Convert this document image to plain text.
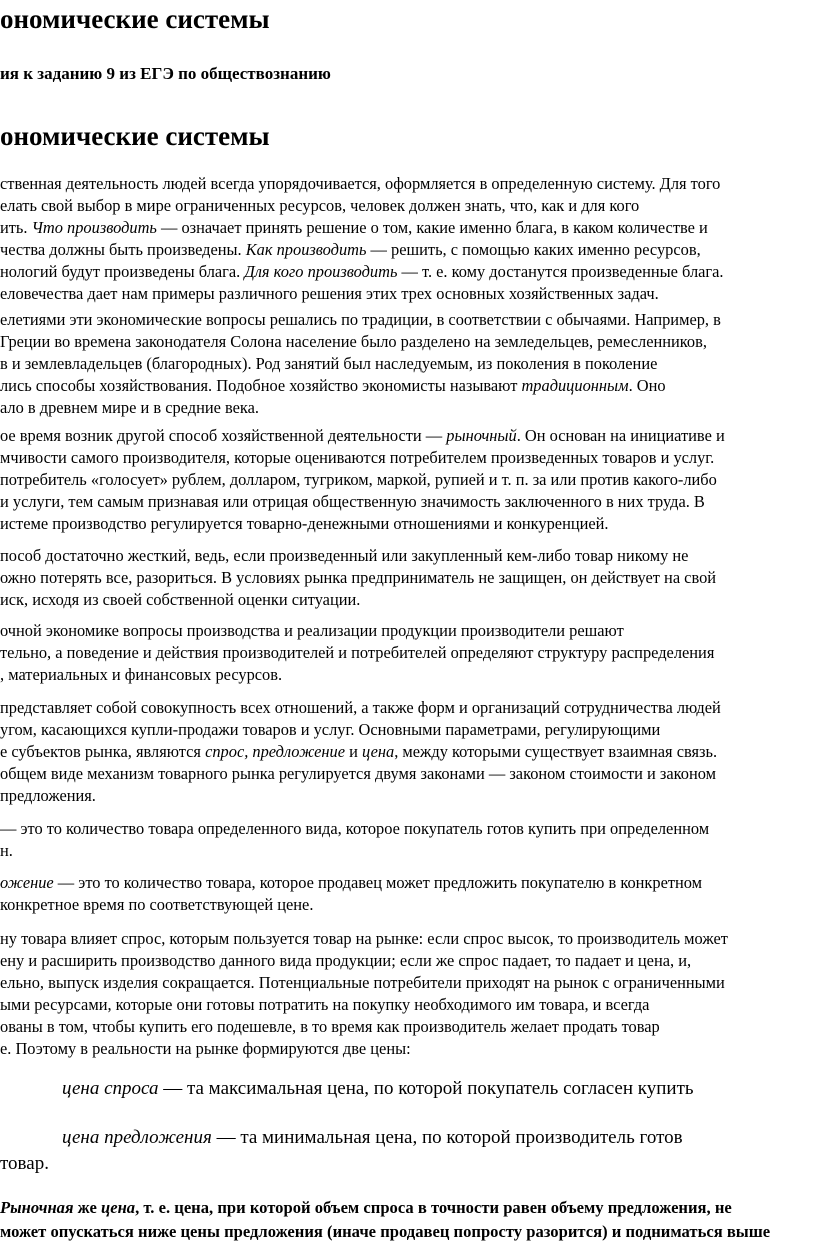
ономические системы
ия к заданию 9 из ЕГЭ по обществознанию
ономические системы
ственная деятельность людей всегда упорядочивается, оформляется в определенную систему. Для того
елать свой выбор в мире ограниченных ресурсов, человек должен знать, что, как и для кого
ить. Что производить — означает принять решение о том, какие именно блага, в каком количестве и
чества должны быть произведены. Как производить — решить, с помощью каких именно ресурсов,
нологий будут произведены блага. Для кого производить — т. е. кому достанутся произведенные блага.
еловечества дает нам примеры различного решения этих трех основных хозяйственных задач.
елетиями эти экономические вопросы решались по традиции, в соответствии с обычаями. Например, в
Греции во времена законодателя Солона население было разделено на земледельцев, ремесленников,
в и землевладельцев (благородных). Род занятий был наследуемым, из поколения в поколение
лись способы хозяйствования. Подобное хозяйство экономисты называют традиционным. Оно
ало в древнем мире и в средние века.
ое время возник другой способ хозяйственной деятельности — рыночный. Он основан на инициативе и
мчивости самого производителя, которые оцениваются потребителем произведенных товаров и услуг.
потребитель «голосует» рублем, долларом, тугриком, маркой, рупией и т. п. за или против какого-либо
и услуги, тем самым признавая или отрицая общественную значимость заключенного в них труда. В
истеме производство регулируется товарно-денежными отношениями и конкуренцией.
пособ достаточно жесткий, ведь, если произведенный или закупленный кем-либо товар никому не
ожно потерять все, разориться. В условиях рынка предприниматель не защищен, он действует на свой
иск, исходя из своей собственной оценки ситуации.
очной экономике вопросы производства и реализации продукции производители решают
тельно, а поведение и действия производителей и потребителей определяют структуру распределения
, материальных и финансовых ресурсов.
представляет собой совокупность всех отношений, а также форм и организаций сотрудничества людей
угом, касающихся купли-продажи товаров и услуг. Основными параметрами, регулирующими
е субъектов рынка, являются спрос, предложение и цена, между которыми существует взаимная связь.
общем виде механизм товарного рынка регулируется двумя законами — законом стоимости и законом
предложения.
— это то количество товара определенного вида, которое покупатель готов купить при определенном
н.
ожение — это то количество товара, которое продавец может предложить покупателю в конкретном
конкретное время по соответствующей цене.
ну товара влияет спрос, которым пользуется товар на рынке: если спрос высок, то производитель может
ену и расширить производство данного вида продукции; если же спрос падает, то падает и цена, и,
ельно, выпуск изделия сокращается. Потенциальные потребители приходят на рынок с ограниченными
ыми ресурсами, которые они готовы потратить на покупку необходимого им товара, и всегда
ованы в том, чтобы купить его подешевле, в то время как производитель желает продать товар
е. Поэтому в реальности на рынке формируются две цены:
цена спроса — та максимальная цена, по которой покупатель согласен купить
цена предложения — та минимальная цена, по которой производитель готов
товар.
Рыночная же цена, т. е. цена, при которой объем спроса в точности равен объему предложения, не
может опускаться ниже цены предложения (иначе продавец попросту разорится) и подниматься выше
